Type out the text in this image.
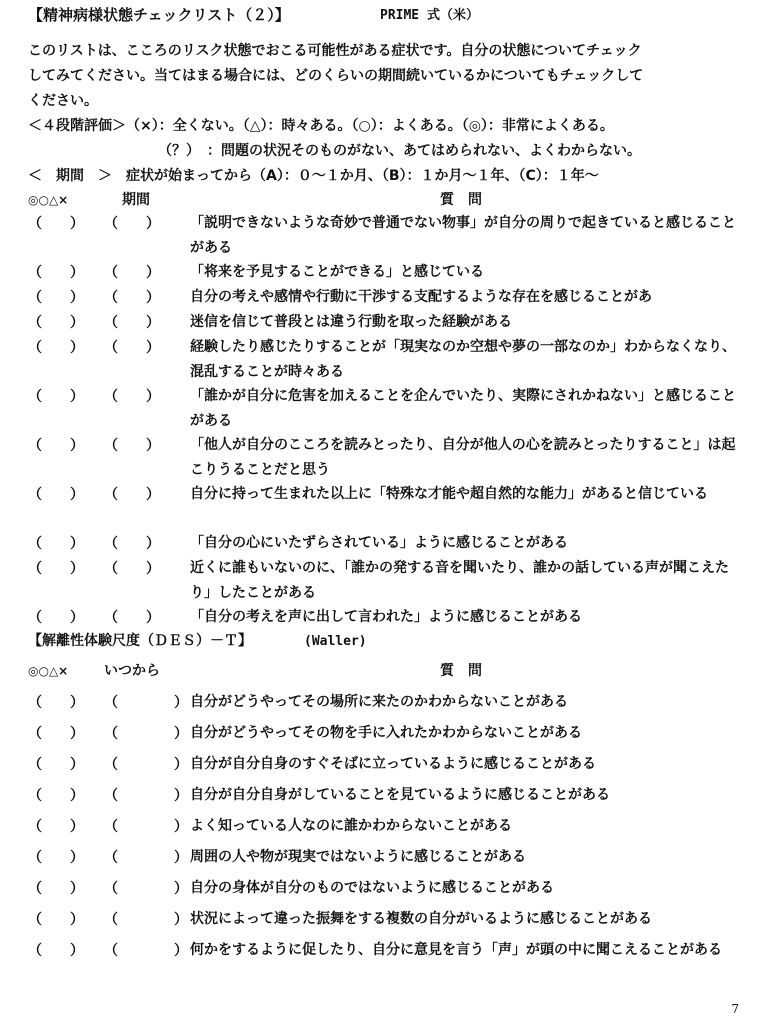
【精神病様状態チェックリスト（２）】	PRIME 式（米）
このリストは、こころのリスク状態でおこる可能性がある症状です。自分の状態についてチェック
してみてください。当てはまる場合には、どのくらいの期間続いているかについてもチェックして
ください。
＜４段階評価＞（×）：全くない。（△）：時々ある。（○）：よくある。（◎）：非常によくある。
（？）　：問題の状況そのものがない、あてはめられない、よくわからない。
＜　期間　＞　症状が始まってから（A）：０～１か月、（B）：１か月～１年、（C）：１年～
◎○△×	期間	質　問
（　　） （　　） 「説明できないような奇妙で普通でない物事」が自分の周りで起きていると感じることがある
（　　） （　　） 「将来を予見することができる」と感じている
（　　） （　　） 自分の考えや感情や行動に干渉する支配するような存在を感じることがあ
（　　） （　　） 迷信を信じて普段とは違う行動を取った経験がある
（　　） （　　） 経験したり感じたりすることが「現実なのか空想や夢の一部なのか」わからなくなり、混乱することが時々ある
（　　） （　　） 「誰かが自分に危害を加えることを企んでいたり、実際にされかねない」と感じることがある
（　　） （　　） 「他人が自分のこころを読みとったり、自分が他人の心を読みとったりすること」は起こりうることだと思う
（　　） （　　） 自分に持って生まれた以上に「特殊な才能や超自然的な能力」があると信じている
（　　） （　　） 「自分の心にいたずらされている」ように感じることがある
（　　） （　　） 近くに誰もいないのに、「誰かの発する音を聞いたり、誰かの話している声が聞こえたり」したことがある
（　　） （　　） 「自分の考えを声に出して言われた」ように感じることがある
【解離性体験尺度（ＤＥＳ）－Ｔ】	(Waller)
◎○△×	いつから	質　問
（　　） （　　　　） 自分がどうやってその場所に来たのかわからないことがある
（　　） （　　　　） 自分がどうやってその物を手に入れたかわからないことがある
（　　） （　　　　） 自分が自分自身のすぐそばに立っているように感じることがある
（　　） （　　　　） 自分が自分自身がしていることを見ているように感じることがある
（　　） （　　　　） よく知っている人なのに誰かわからないことがある
（　　） （　　　　） 周囲の人や物が現実ではないように感じることがある
（　　） （　　　　） 自分の身体が自分のものではないように感じることがある
（　　） （　　　　） 状況によって違った振舞をする複数の自分がいるように感じることがある
（　　） （　　　　） 何かをするように促したり、自分に意見を言う「声」が頭の中に聞こえることがある
7
